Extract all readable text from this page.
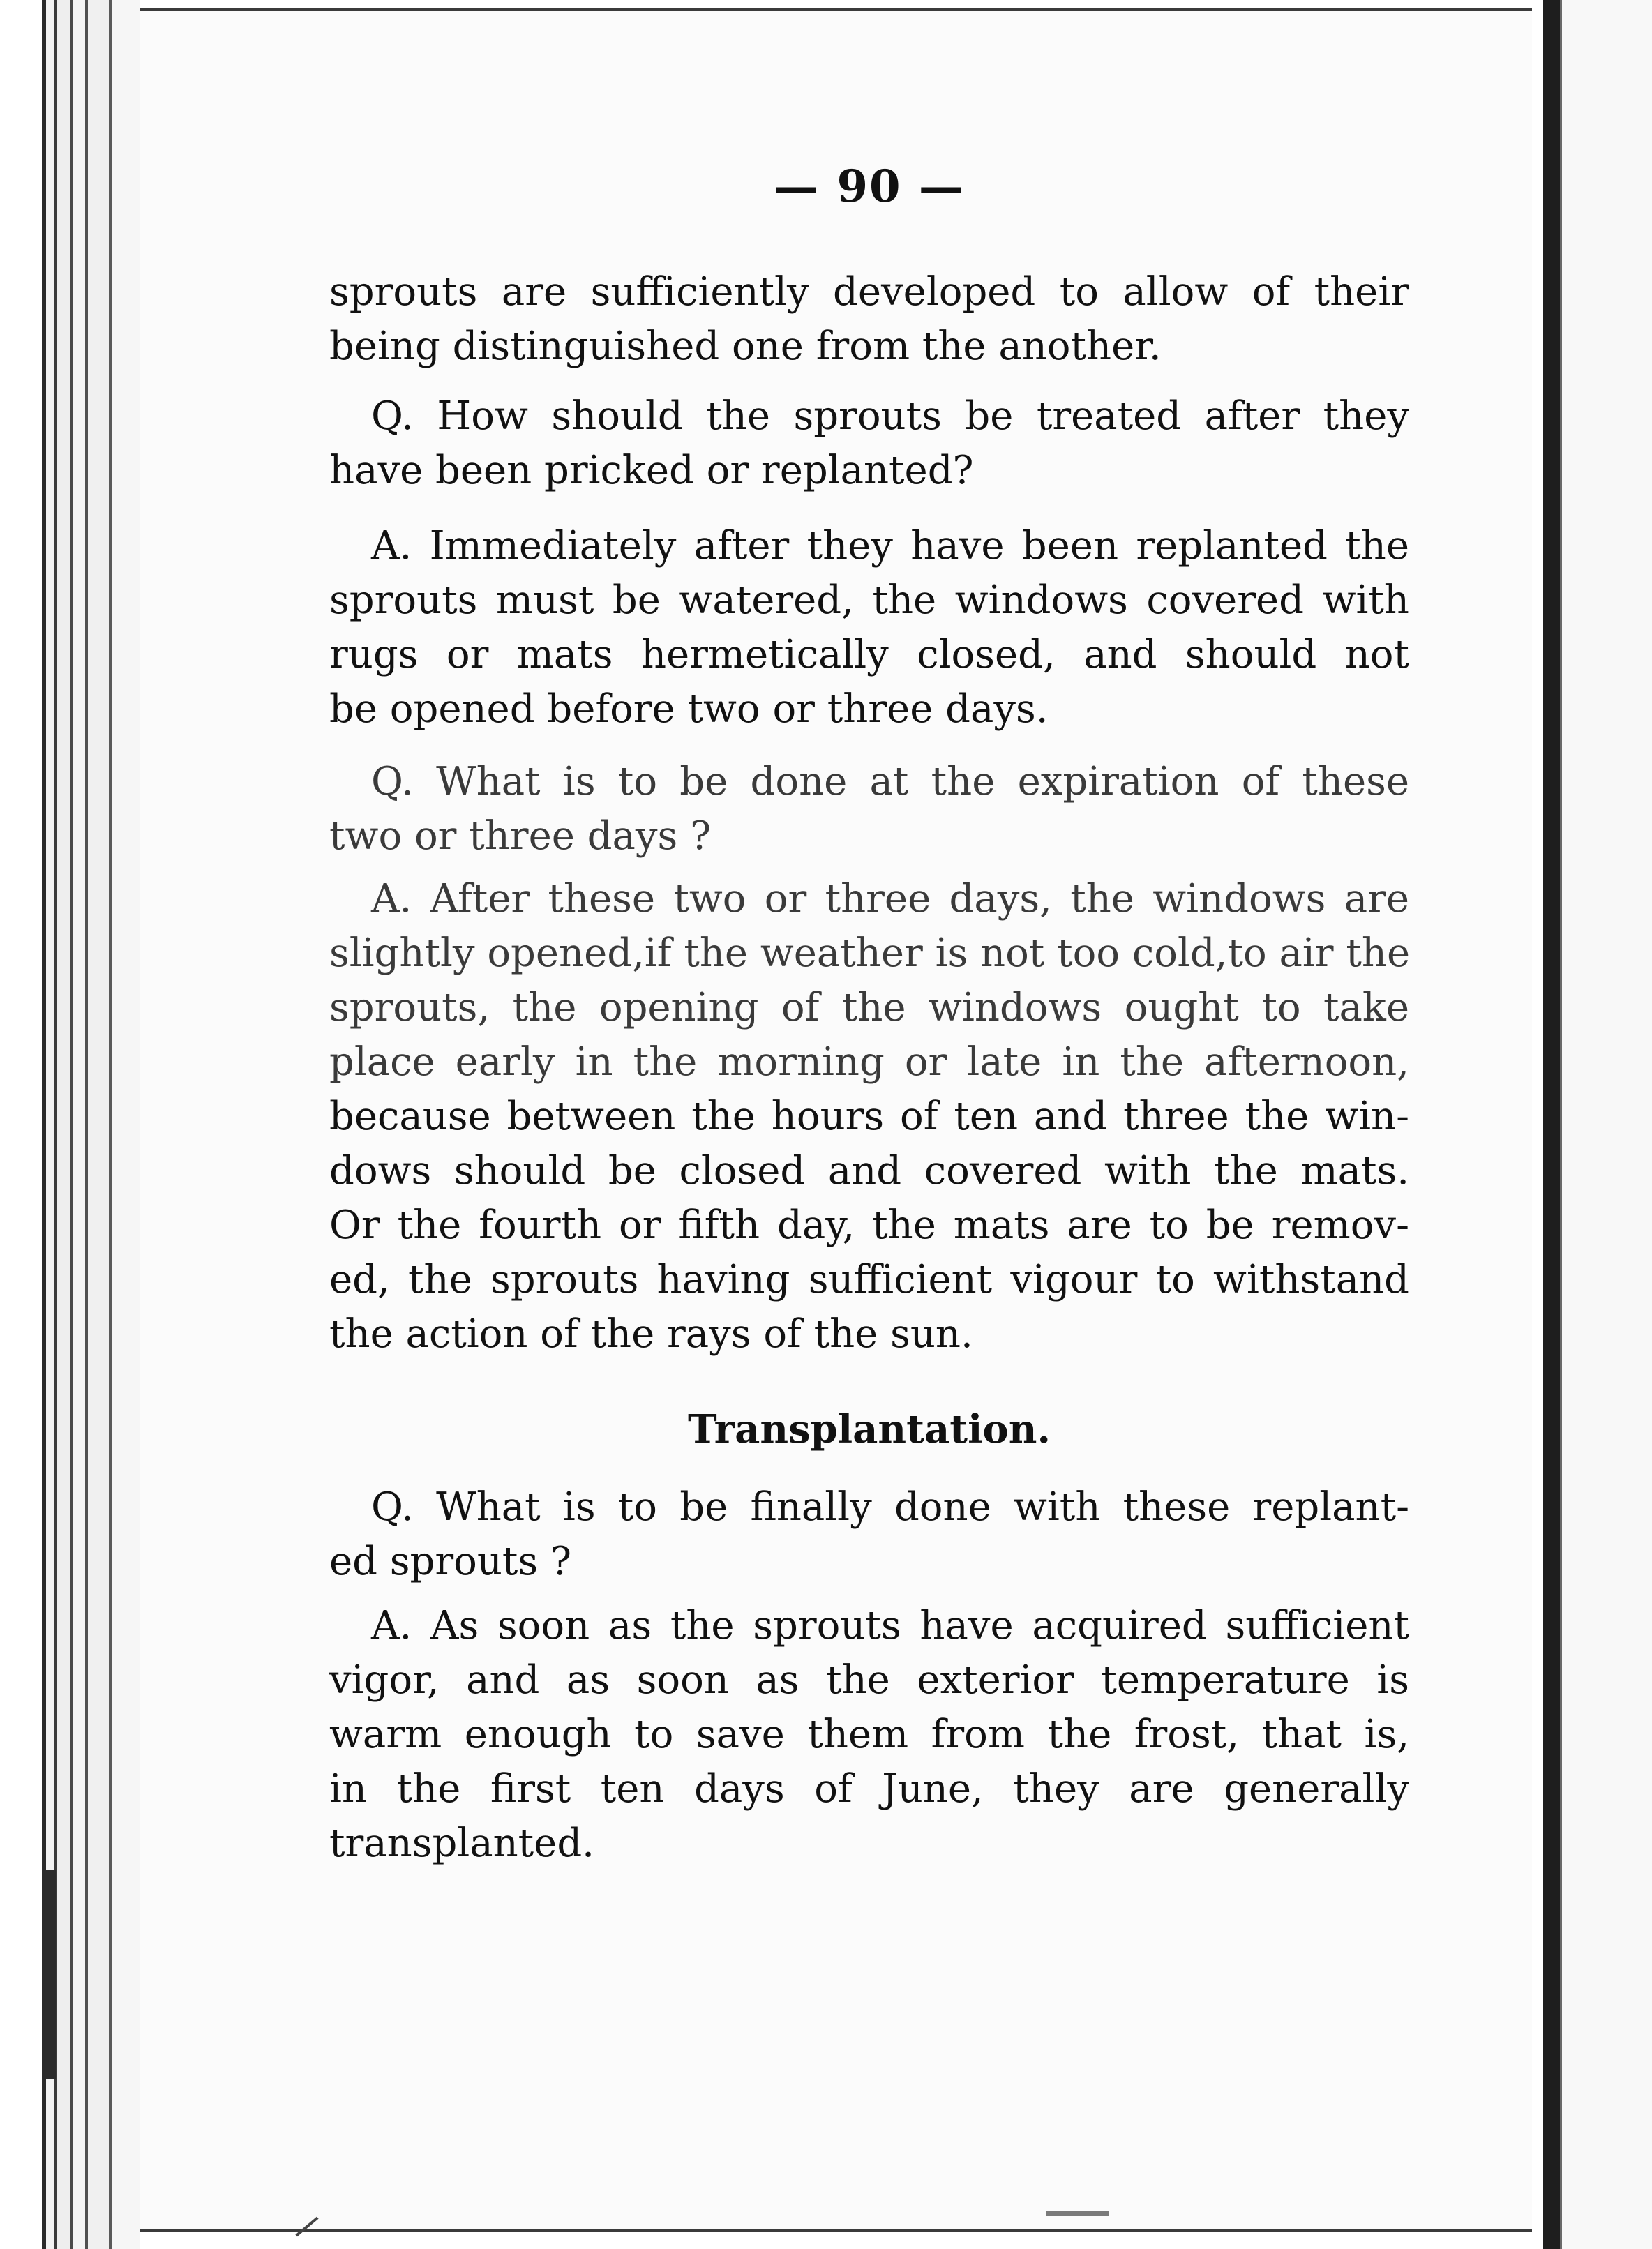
— 90 —

sprouts are sufficiently developed to allow of their
being distinguished one from the another.

Q. How should the sprouts be treated after they
have been pricked or replanted?

A. Immediately after they have been replanted the
sprouts must be watered, the windows covered with
rugs or mats hermetically closed, and should not
be opened before two or three days.

Q. What is to be done at the expiration of these
two or three days ?

A. After these two or three days, the windows are
slightly opened,if the weather is not too cold,to air the
sprouts, the opening of the windows ought to take
place early in the morning or late in the afternoon,
because between the hours of ten and three the win-
dows should be closed and covered with the mats.
Or the fourth or fifth day, the mats are to be remov-
ed, the sprouts having sufficient vigour to withstand
the action of the rays of the sun.

Transplantation.

Q. What is to be finally done with these replant-
ed sprouts ?

A. As soon as the sprouts have acquired sufficient
vigor, and as soon as the exterior temperature is
warm enough to save them from the frost, that is,
in the first ten days of June, they are generally
transplanted.
